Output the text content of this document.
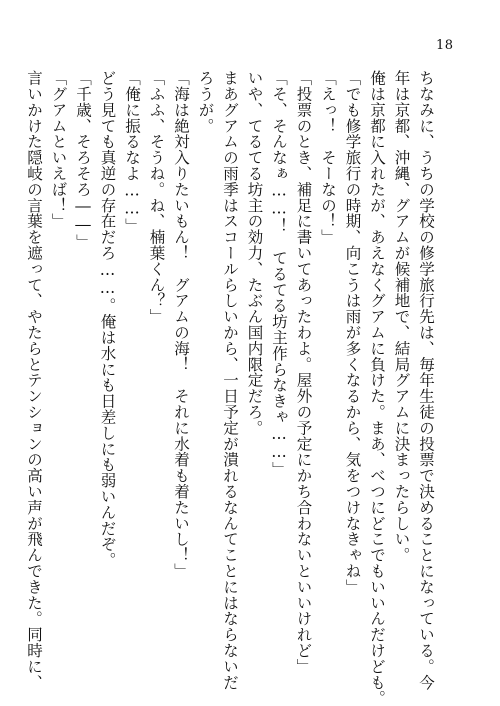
18
ちなみに、うちの学校の修学旅行先は、毎年生徒の投票で決めることになっている。今
年は京都、沖縄、グアムが候補地で、結局グアムに決まったらしい。
俺は京都に入れたが、あえなくグアムに負けた。まあ、べつにどこでもいいんだけども。
「でも修学旅行の時期、向こうは雨が多くなるから、気をつけなきゃね」
「えっ！　そーなの！」
「投票のとき、補足に書いてあったわよ。屋外の予定にかち合わないといいけれど」
「そ、そんなぁ……！　てるてる坊主作らなきゃ……」
いや、てるてる坊主の効力、たぶん国内限定だろ。
まあグアムの雨季はスコールらしいから、一日予定が潰れるなんてことにはならないだ
ろうが。
「海は絶対入りたいもん！　グアムの海！　それに水着も着たいし！」
「ふふ、そうね。ね、楠葉くん？」
「俺に振るなよ……」
どう見ても真逆の存在だろ……。俺は水にも日差しにも弱いんだぞ。
「千歳、そろそろ――」
「グアムといえば！」
言いかけた隠岐の言葉を遮って、やたらとテンションの高い声が飛んできた。同時に、
